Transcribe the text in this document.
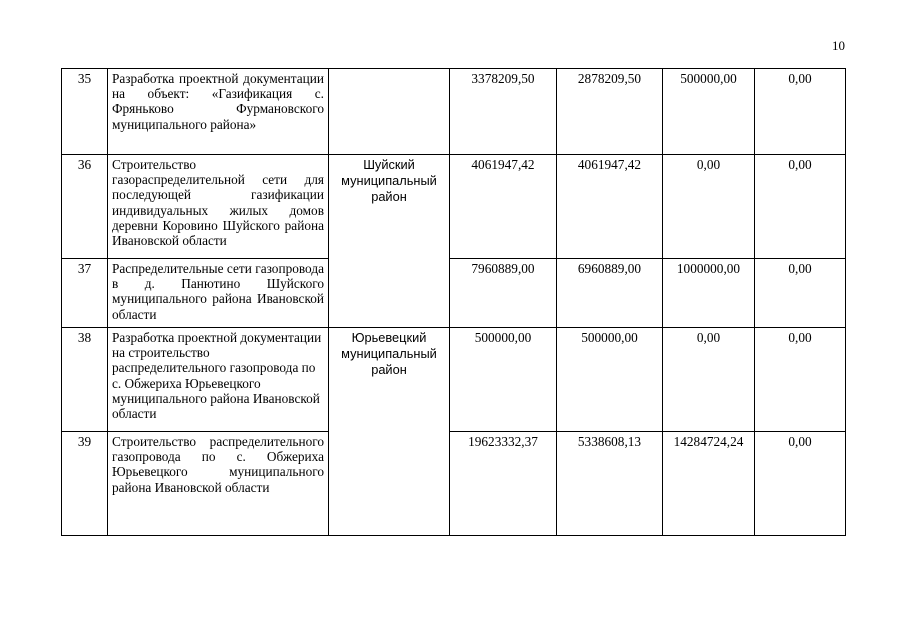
10
35	Разработка проектной документации на объект: «Газификация с. Фряньково Фурмановского муниципального района»		3378209,50	2878209,50	500000,00	0,00
36	Строительство газораспределительной сети для последующей газификации индивидуальных жилых домов деревни Коровино Шуйского района Ивановской области	Шуйский муниципальный район	4061947,42	4061947,42	0,00	0,00
37	Распределительные сети газопровода в д. Панютино Шуйского муниципального района Ивановской области		7960889,00	6960889,00	1000000,00	0,00
38	Разработка проектной документации на строительство распределительного газопровода по с. Обжериха Юрьевецкого муниципального района Ивановской области	Юрьевецкий муниципальный район	500000,00	500000,00	0,00	0,00
39	Строительство распределительного газопровода по с. Обжериха Юрьевецкого муниципального района Ивановской области		19623332,37	5338608,13	14284724,24	0,00
